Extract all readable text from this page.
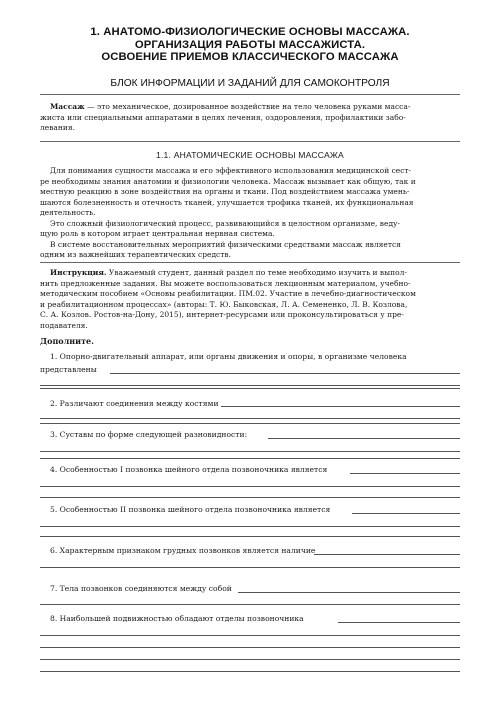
1. АНАТОМО-ФИЗИОЛОГИЧЕСКИЕ ОСНОВЫ МАССАЖА.
ОРГАНИЗАЦИЯ РАБОТЫ МАССАЖИСТА.
ОСВОЕНИЕ ПРИЕМОВ КЛАССИЧЕСКОГО МАССАЖА
БЛОК ИНФОРМАЦИИ И ЗАДАНИЙ ДЛЯ САМОКОНТРОЛЯ
Массаж — это механическое, дозированное воздействие на тело человека руками масса-
жиста или специальными аппаратами в целях лечения, оздоровления, профилактики забо-
левания.
1.1. АНАТОМИЧЕСКИЕ ОСНОВЫ МАССАЖА
Для понимания сущности массажа и его эффективного использования медицинской сест-
ре необходимы знания анатомии и физиологии человека. Массаж вызывает как общую, так и
местную реакцию в зоне воздействия на органы и ткани. Под воздействием массажа умень-
шаются болезненность и отечность тканей, улучшается трофика тканей, их функциональная
деятельность.
Это сложный физиологический процесс, развивающийся в целостном организме, веду-
щую роль в котором играет центральная нервная система.
В системе восстановительных мероприятий физическими средствами массаж является
одним из важнейших терапевтических средств.
Инструкция. Уважаемый студент, данный раздел по теме необходимо изучить и выпол-
нить предложенные задания. Вы можете воспользоваться лекционным материалом, учебно-
методическим пособием «Основы реабилитации. ПМ.02. Участие в лечебно-диагностическом
и реабилитационном процессах» (авторы: Т. Ю. Быковская, Л. А. Семененко, Л. В. Козлова,
С. А. Козлов. Ростов-на-Дону, 2015), интернет-ресурсами или проконсультироваться у пре-
подавателя.
Дополните.
1. Опорно-двигательный аппарат, или органы движения и опоры, в организме человека
представлены
2. Различают соединения между костями
3. Суставы по форме следующей разновидности:
4. Особенностью I позвонка шейного отдела позвоночника является
5. Особенностью II позвонка шейного отдела позвоночника является
6. Характерным признаком грудных позвонков является наличие
7. Тела позвонков соединяются между собой
8. Наибольшей подвижностью обладают отделы позвоночника
